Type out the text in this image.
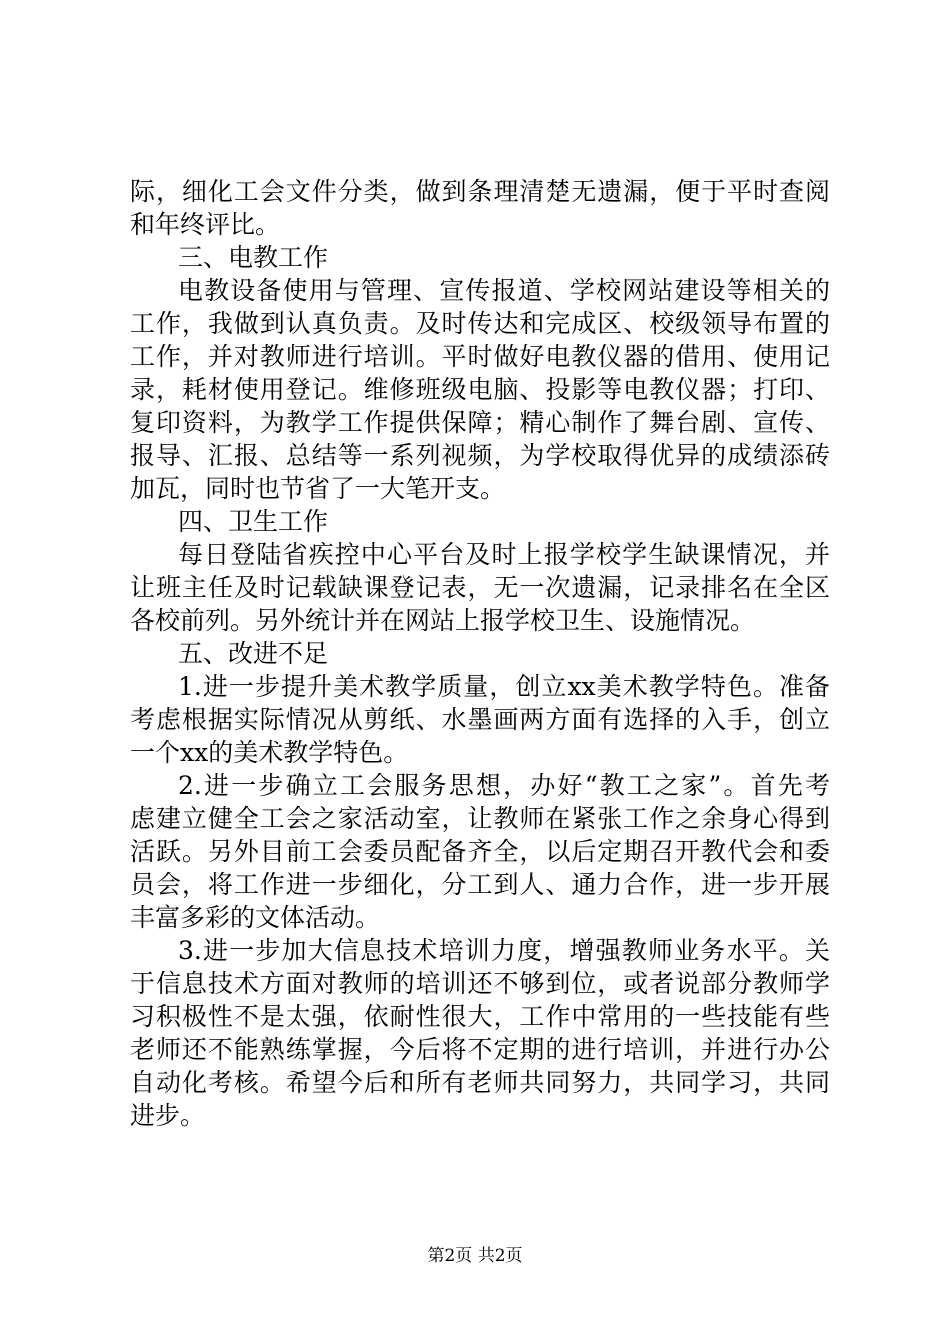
际，细化工会文件分类，做到条理清楚无遗漏，便于平时查阅
和年终评比。
三、电教工作
电教设备使用与管理、宣传报道、学校网站建设等相关的
工作，我做到认真负责。及时传达和完成区、校级领导布置的
工作，并对教师进行培训。平时做好电教仪器的借用、使用记
录，耗材使用登记。维修班级电脑、投影等电教仪器；打印、
复印资料，为教学工作提供保障；精心制作了舞台剧、宣传、
报导、汇报、总结等一系列视频，为学校取得优异的成绩添砖
加瓦，同时也节省了一大笔开支。
四、卫生工作
每日登陆省疾控中心平台及时上报学校学生缺课情况，并
让班主任及时记载缺课登记表，无一次遗漏，记录排名在全区
各校前列。另外统计并在网站上报学校卫生、设施情况。
五、改进不足
1.进一步提升美术教学质量，创立xx美术教学特色。准备
考虑根据实际情况从剪纸、水墨画两方面有选择的入手，创立
一个xx的美术教学特色。
2.进一步确立工会服务思想，办好“教工之家”。首先考
虑建立健全工会之家活动室，让教师在紧张工作之余身心得到
活跃。另外目前工会委员配备齐全，以后定期召开教代会和委
员会，将工作进一步细化，分工到人、通力合作，进一步开展
丰富多彩的文体活动。
3.进一步加大信息技术培训力度，增强教师业务水平。关
于信息技术方面对教师的培训还不够到位，或者说部分教师学
习积极性不是太强，依耐性很大，工作中常用的一些技能有些
老师还不能熟练掌握，今后将不定期的进行培训，并进行办公
自动化考核。希望今后和所有老师共同努力，共同学习，共同
进步。
第2页 共2页
